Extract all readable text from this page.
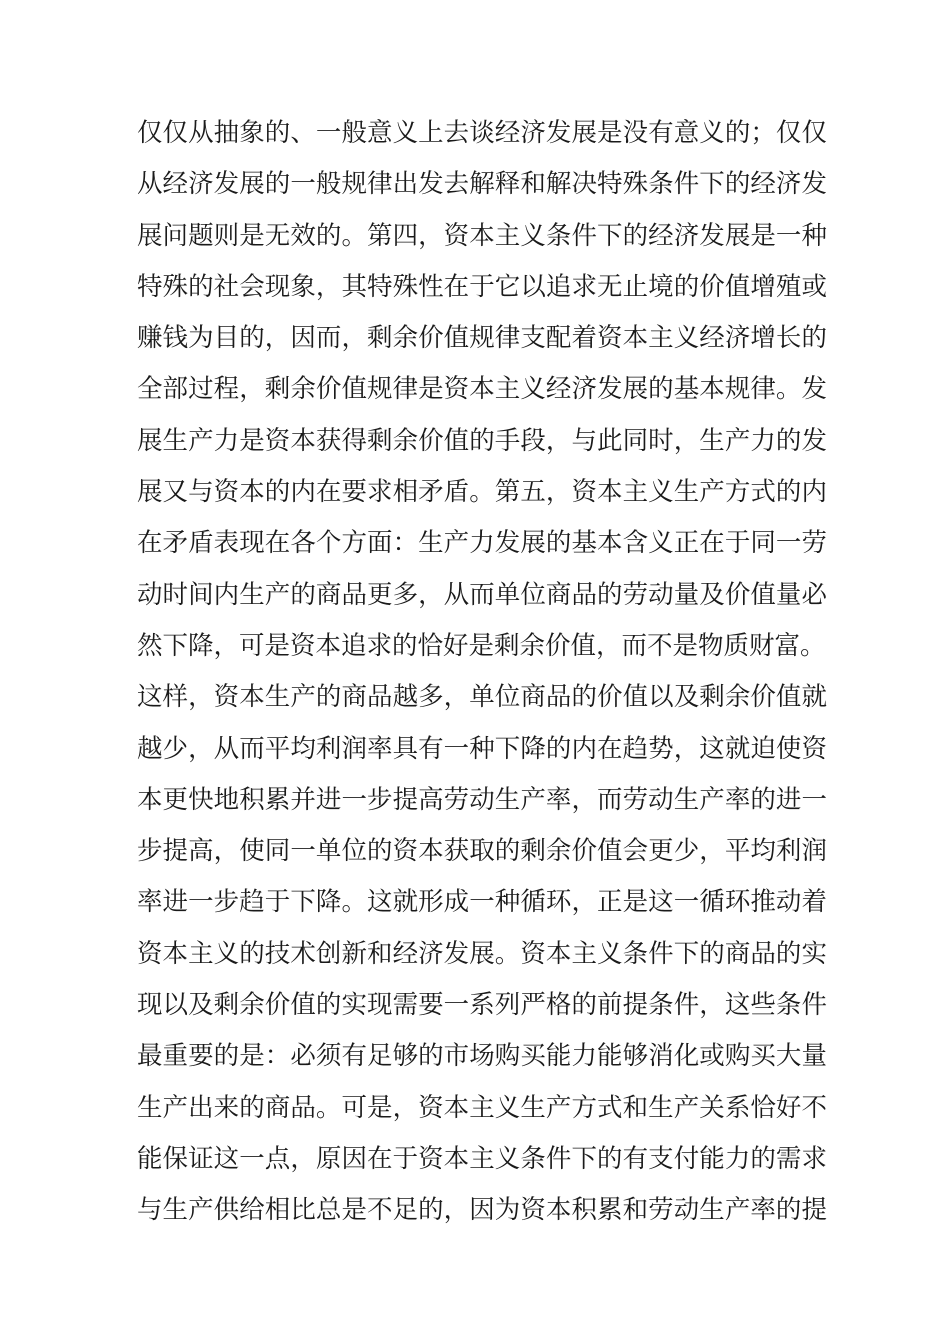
仅仅从抽象的、一般意义上去谈经济发展是没有意义的；仅仅
从经济发展的一般规律出发去解释和解决特殊条件下的经济发
展问题则是无效的。第四，资本主义条件下的经济发展是一种
特殊的社会现象，其特殊性在于它以追求无止境的价值增殖或
赚钱为目的，因而，剩余价值规律支配着资本主义经济增长的
全部过程，剩余价值规律是资本主义经济发展的基本规律。发
展生产力是资本获得剩余价值的手段，与此同时，生产力的发
展又与资本的内在要求相矛盾。第五，资本主义生产方式的内
在矛盾表现在各个方面：生产力发展的基本含义正在于同一劳
动时间内生产的商品更多，从而单位商品的劳动量及价值量必
然下降，可是资本追求的恰好是剩余价值，而不是物质财富。
这样，资本生产的商品越多，单位商品的价值以及剩余价值就
越少，从而平均利润率具有一种下降的内在趋势，这就迫使资
本更快地积累并进一步提高劳动生产率，而劳动生产率的进一
步提高，使同一单位的资本获取的剩余价值会更少，平均利润
率进一步趋于下降。这就形成一种循环，正是这一循环推动着
资本主义的技术创新和经济发展。资本主义条件下的商品的实
现以及剩余价值的实现需要一系列严格的前提条件，这些条件
最重要的是：必须有足够的市场购买能力能够消化或购买大量
生产出来的商品。可是，资本主义生产方式和生产关系恰好不
能保证这一点，原因在于资本主义条件下的有支付能力的需求
与生产供给相比总是不足的，因为资本积累和劳动生产率的提
